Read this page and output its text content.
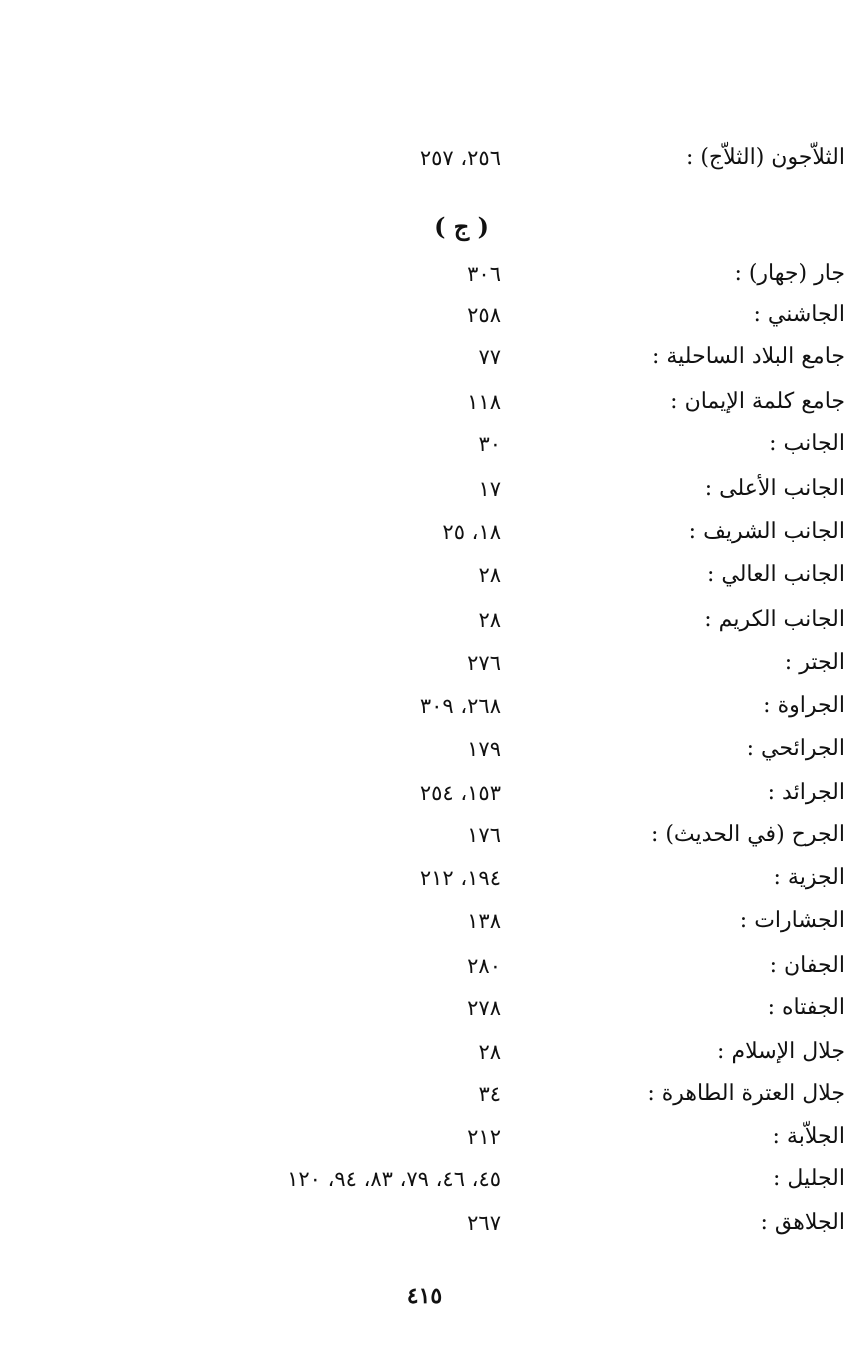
الثلاّجون (الثلاّج) :
٢٥٦، ٢٥٧
( ج )
جار (جهار) :
٣٠٦
الجاشني :
٢٥٨
جامع البلاد الساحلية :
٧٧
جامع كلمة الإيمان :
١١٨
الجانب :
٣٠
الجانب الأعلى :
١٧
الجانب الشريف :
١٨، ٢٥
الجانب العالي :
٢٨
الجانب الكريم :
٢٨
الجتر :
٢٧٦
الجراوة :
٢٦٨، ٣٠٩
الجرائحي :
١٧٩
الجرائد :
١٥٣، ٢٥٤
الجرح (في الحديث) :
١٧٦
الجزية :
١٩٤، ٢١٢
الجشارات :
١٣٨
الجفان :
٢٨٠
الجفتاه :
٢٧٨
جلال الإسلام :
٢٨
جلال العترة الطاهرة :
٣٤
الجلاّبة :
٢١٢
الجليل :
٤٥، ٤٦، ٧٩، ٨٣، ٩٤، ١٢٠
الجلاهق :
٢٦٧
٤١٥
